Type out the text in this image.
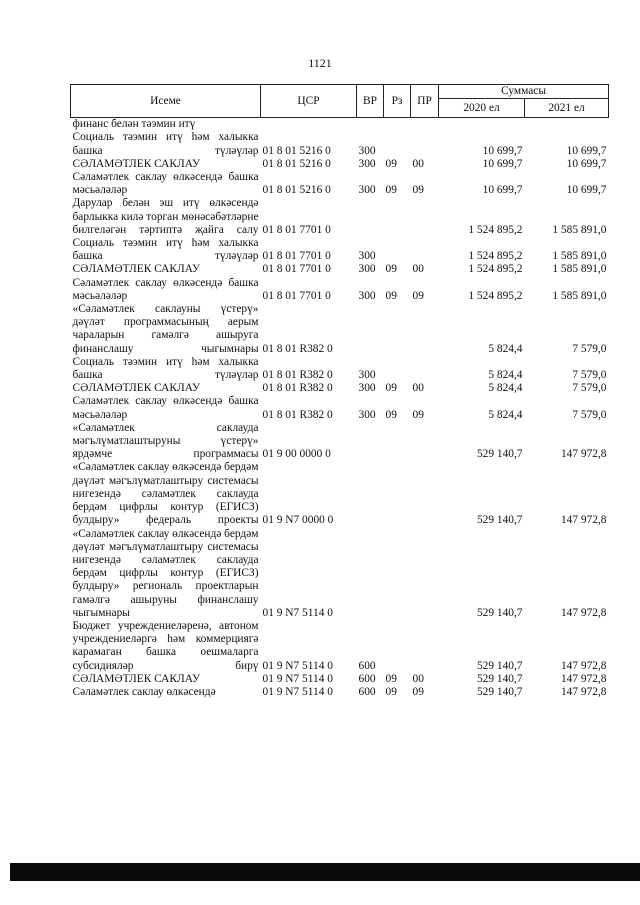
1121
Исеме	ЦСР	ВР	Рз	ПР	Суммасы	
					2020 ел	2021 ел
финанс белән тәэмин итү						
Социаль тәэмин итү һәм халыкка башка түләүләр	01 8 01 5216 0	300			10 699,7	10 699,7
СӘЛАМӘТЛЕК САКЛАУ	01 8 01 5216 0	300	09	00	10 699,7	10 699,7
Сәламәтлек саклау өлкәсендә башка мәсьәләләр	01 8 01 5216 0	300	09	09	10 699,7	10 699,7
Дарулар белән эш итү өлкәсендә барлыкка килә торган мөнәсәбәтләрне билгеләгән тәртиптә җайга салу	01 8 01 7701 0				1 524 895,2	1 585 891,0
Социаль тәэмин итү һәм халыкка башка түләүләр	01 8 01 7701 0	300			1 524 895,2	1 585 891,0
СӘЛАМӘТЛЕК САКЛАУ	01 8 01 7701 0	300	09	00	1 524 895,2	1 585 891,0
Сәламәтлек саклау өлкәсендә башка мәсьәләләр	01 8 01 7701 0	300	09	09	1 524 895,2	1 585 891,0
«Сәламәтлек саклауны үстерү» дәүләт программасының аерым чараларын гамәлгә ашыруга финанслашу чыгымнары	01 8 01 R382 0				5 824,4	7 579,0
Социаль тәэмин итү һәм халыкка башка түләүләр	01 8 01 R382 0	300			5 824,4	7 579,0
СӘЛАМӘТЛЕК САКЛАУ	01 8 01 R382 0	300	09	00	5 824,4	7 579,0
Сәламәтлек саклау өлкәсендә башка мәсьәләләр	01 8 01 R382 0	300	09	09	5 824,4	7 579,0
«Сәламәтлек саклауда мәгълүматлаштыруны үстерү» ярдәмче программасы	01 9 00 0000 0				529 140,7	147 972,8
«Сәламәтлек саклау өлкәсендә бердәм дәүләт мәгълүматлаштыру системасы нигезендә сәламәтлек саклауда бердәм цифрлы контур (ЕГИСЗ) булдыру» федераль проекты	01 9 N7 0000 0				529 140,7	147 972,8
«Сәламәтлек саклау өлкәсендә бердәм дәүләт мәгълүматлаштыру системасы нигезендә сәламәтлек саклауда бердәм цифрлы контур (ЕГИСЗ) булдыру» региональ проектларын гамәлгә ашыруны финанслашу чыгымнары	01 9 N7 5114 0				529 140,7	147 972,8
Бюджет учреждениеләренә, автоном учреждениеләргә һәм коммерциягә карамаган башка оешмаларга субсидияләр бирү	01 9 N7 5114 0	600			529 140,7	147 972,8
СӘЛАМӘТЛЕК САКЛАУ	01 9 N7 5114 0	600	09	00	529 140,7	147 972,8
Сәламәтлек саклау өлкәсендә	01 9 N7 5114 0	600	09	09	529 140,7	147 972,8
